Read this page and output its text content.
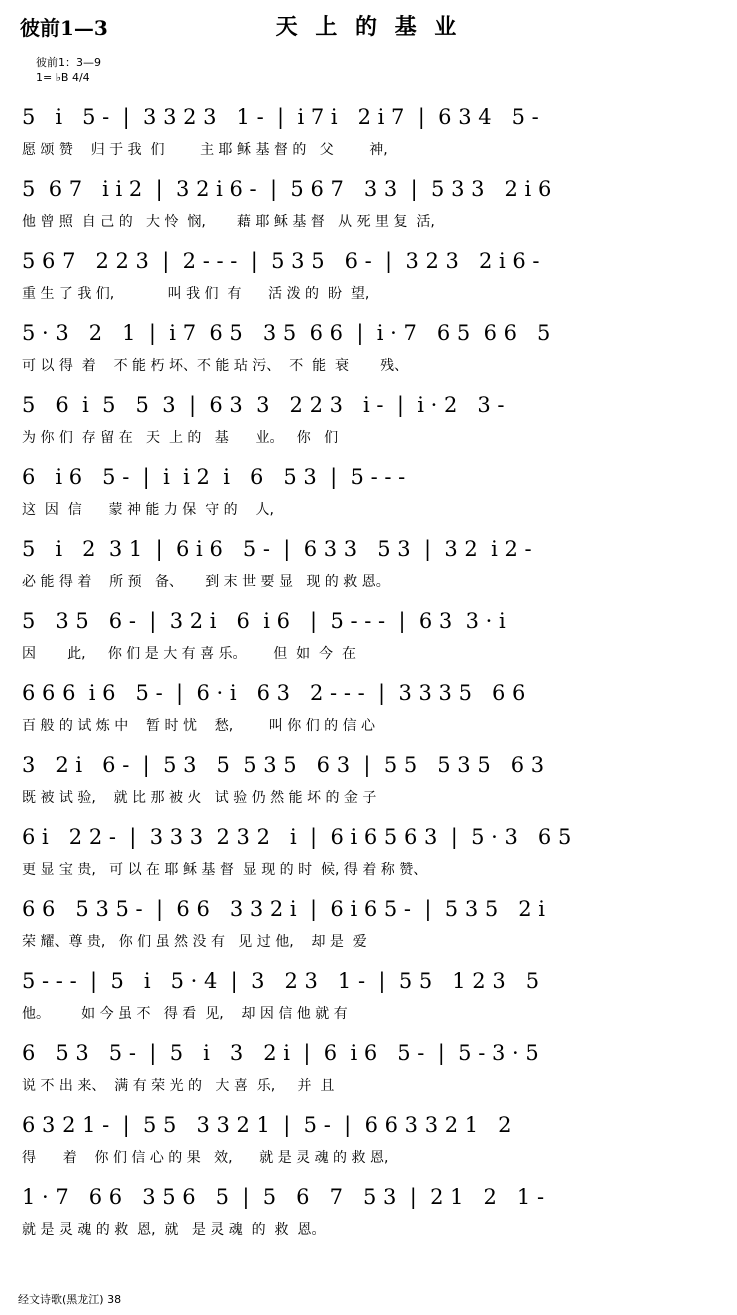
彼前1—3	天 上 的 基 业
彼前1：3—9
1= ♭B 4/4
5   i   5 -  |  3 3 2 3   1 -  |  i 7 i   2 i 7  |  6 3 4   5 -
愿 颂 赞    归 于 我  们        主 耶 稣 基 督 的   父        神,
5  6 7   i i 2  |  3 2 i 6 -  |  5 6 7   3 3  |  5 3 3   2 i 6
他 曾 照  自 己 的   大 怜  悯,       藉 耶 稣 基 督   从 死 里 复  活,
5 6 7   2 2 3  |  2 - - -  |  5 3 5   6 -  |  3 2 3   2 i 6 -
重 生 了 我 们,            叫 我 们  有      活 泼 的  盼  望,
5 · 3   2   1  |  i 7  6 5   3 5  6 6  |  i · 7   6 5  6 6   5
可 以 得  着    不 能 朽 坏、不 能 玷 污、  不  能  衰       残、
5   6  i  5   5  3  |  6 3  3   2 2 3   i -  |  i · 2   3 -
为 你 们  存 留 在   天  上 的   基      业。   你   们
6   i 6   5 -  |  i  i 2  i   6   5 3  |  5 - - -
这  因  信      蒙 神 能 力 保  守 的    人,
5   i   2  3 1  |  6 i 6   5 -  |  6 3 3   5 3  |  3 2  i 2 -
必 能 得 着    所 预   备、     到 末 世 要 显   现 的 救 恩。
5   3 5   6 -  |  3 2 i   6  i 6   |  5 - - -  |  6 3  3 · i
因       此,     你 们 是 大 有 喜 乐。      但  如  今  在
6 6 6  i 6   5 -  |  6 · i   6 3   2 - - -  |  3 3 3 5   6 6
百 般 的 试 炼 中    暂 时 忧    愁,        叫 你 们 的 信 心
3   2 i   6 -  |  5 3   5  5 3 5   6 3  |  5 5   5 3 5   6 3
既 被 试 验,    就 比 那 被 火   试 验 仍 然 能 坏 的 金 子
6 i   2 2 -  |  3 3 3  2 3 2   i  |  6 i 6 5 6 3  |  5 · 3   6 5
更 显 宝 贵,   可 以 在 耶 稣 基 督  显 现 的 时  候, 得 着 称 赞、
6 6   5 3 5 -  |  6 6   3 3 2 i  |  6 i 6 5 -  |  5 3 5   2 i
荣 耀、尊 贵,   你 们 虽 然 没 有   见 过 他,    却 是  爱
5 - - -  |  5   i   5 · 4  |  3   2 3   1 -  |  5 5   1 2 3   5
他。       如 今 虽 不   得 看  见,    却 因 信 他 就 有
6   5 3   5 -  |  5   i   3   2 i  |  6  i 6   5 -  |  5 - 3 · 5
说 不 出 来、  满 有 荣 光 的   大 喜  乐,     并  且
6 3 2 1 -  |  5 5   3 3 2 1  |  5 -  |  6 6 3 3 2 1   2
得      着    你 们 信 心 的 果   效,      就 是 灵 魂 的 救 恩,
1 · 7   6 6   3 5 6   5  |  5   6   7   5 3  |  2 1   2   1 -
就 是 灵 魂 的 救  恩,  就   是 灵 魂  的  救  恩。
经文诗歌(黑龙江) 38
